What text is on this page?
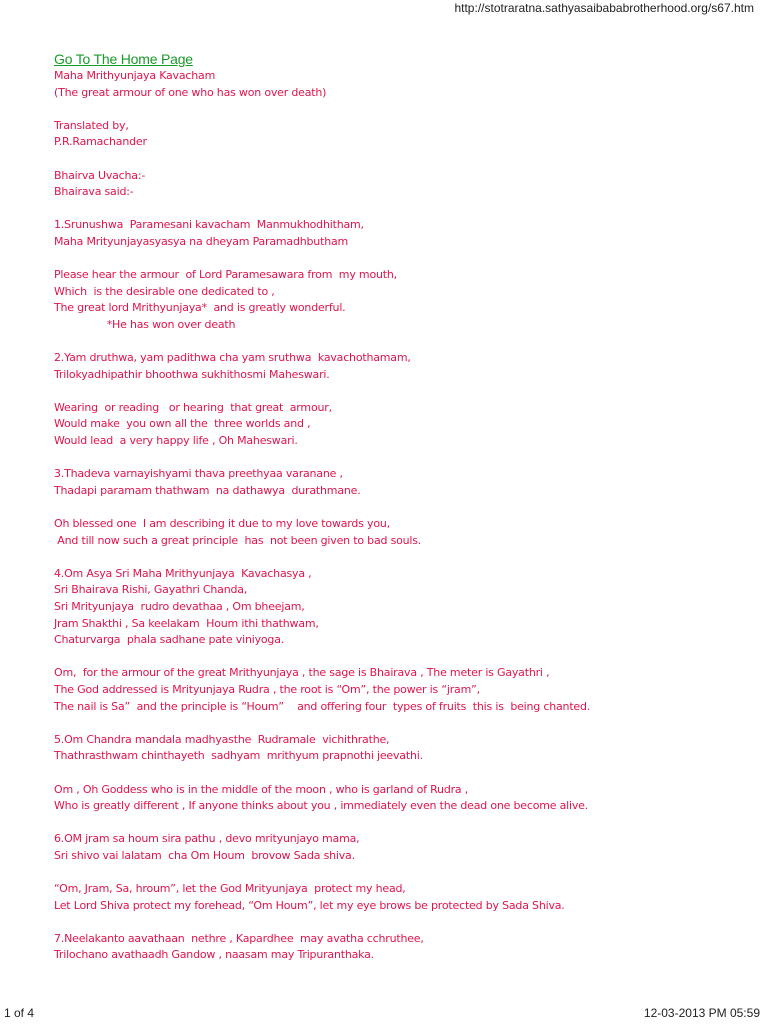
http://stotraratna.sathyasaibababrotherhood.org/s67.htm
Go To The Home Page
Maha Mrithyunjaya Kavacham
(The great armour of one who has won over death)
Translated by,
P.R.Ramachander
Bhairva Uvacha:-
Bhairava said:-
1.Srunushwa  Paramesani kavacham  Manmukhodhitham,
Maha Mrityunjayasyasya na dheyam Paramadhbutham
Please hear the armour  of Lord Paramesawara from  my mouth,
Which  is the desirable one dedicated to ,
The great lord Mrithyunjaya*  and is greatly wonderful.
*He has won over death
2.Yam druthwa, yam padithwa cha yam sruthwa  kavachothamam,
Trilokyadhipathir bhoothwa sukhithosmi Maheswari.
Wearing  or reading   or hearing  that great  armour,
Would make  you own all the  three worlds and ,
Would lead  a very happy life , Oh Maheswari.
3.Thadeva varnayishyami thava preethyaa varanane ,
Thadapi paramam thathwam  na dathawya  durathmane.
Oh blessed one  I am describing it due to my love towards you,
And till now such a great principle  has  not been given to bad souls.
4.Om Asya Sri Maha Mrithyunjaya  Kavachasya ,
Sri Bhairava Rishi, Gayathri Chanda,
Sri Mrityunjaya  rudro devathaa , Om bheejam,
Jram Shakthi , Sa keelakam  Houm ithi thathwam,
Chaturvarga  phala sadhane pate viniyoga.
Om,  for the armour of the great Mrithyunjaya , the sage is Bhairava , The meter is Gayathri ,
The God addressed is Mrityunjaya Rudra , the root is “Om”, the power is “jram”,
The nail is Sa”  and the principle is “Houm”    and offering four  types of fruits  this is  being chanted.
5.Om Chandra mandala madhyasthe  Rudramale  vichithrathe,
Thathrasthwam chinthayeth  sadhyam  mrithyum prapnothi jeevathi.
Om , Oh Goddess who is in the middle of the moon , who is garland of Rudra ,
Who is greatly different , If anyone thinks about you , immediately even the dead one become alive.
6.OM jram sa houm sira pathu , devo mrityunjayo mama,
Sri shivo vai lalatam  cha Om Houm  brovow Sada shiva.
“Om, Jram, Sa, hroum”, let the God Mrityunjaya  protect my head,
Let Lord Shiva protect my forehead, “Om Houm”, let my eye brows be protected by Sada Shiva.
7.Neelakanto aavathaan  nethre , Kapardhee  may avatha cchruthee,
Trilochano avathaadh Gandow , naasam may Tripuranthaka.
1 of 4	12-03-2013 PM 05:59
